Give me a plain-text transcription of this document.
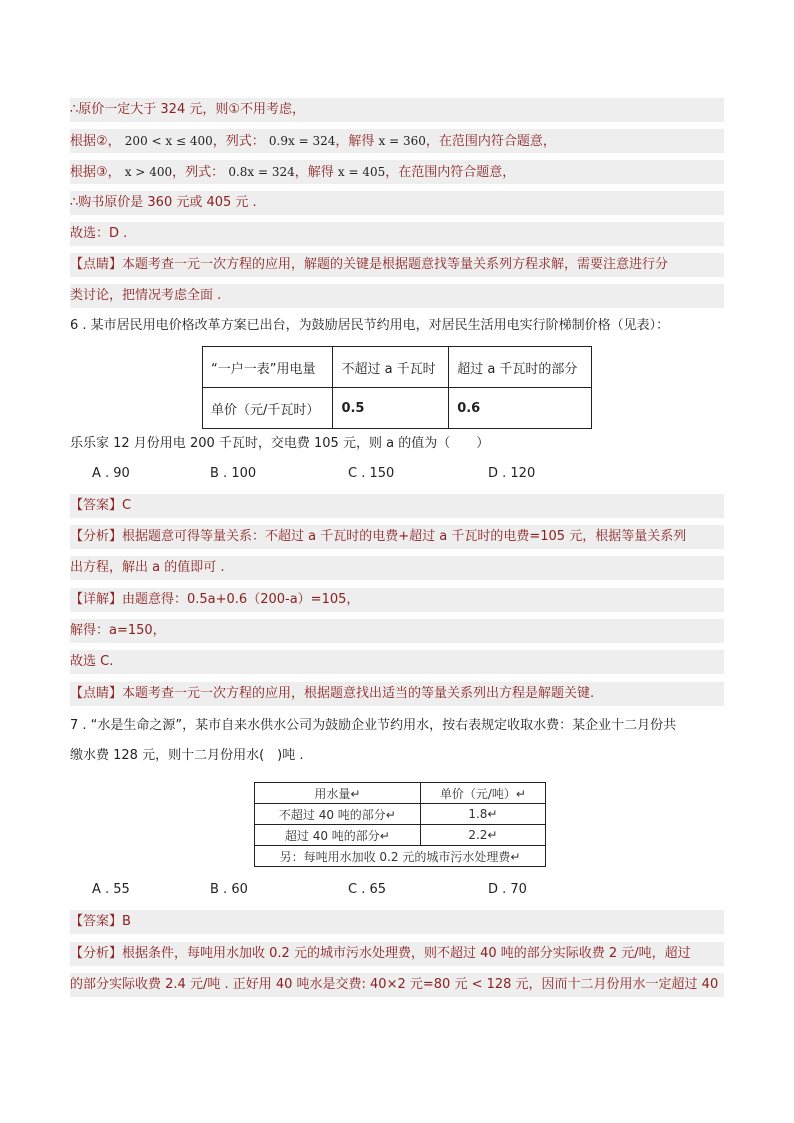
∴原价一定大于 324 元，则①不用考虑，
根据②， 200 < x ≤ 400，列式： 0.9x = 324，解得 x = 360，在范围内符合题意，
根据③， x > 400，列式： 0.8x = 324，解得 x = 405，在范围内符合题意，
∴购书原价是 360 元或 405 元 .
故选：D .
【点睛】本题考查一元一次方程的应用，解题的关键是根据题意找等量关系列方程求解，需要注意进行分
类讨论，把情况考虑全面 .
6 . 某市居民用电价格改革方案已出台，为鼓励居民节约用电，对居民生活用电实行阶梯制价格（见表）：
“一户一表”用电量	不超过 a 千瓦时	超过 a 千瓦时的部分
单价（元/千瓦时）	0.5	0.6
乐乐家 12 月份用电 200 千瓦时，交电费 105 元，则 a 的值为（　　）
A . 90	B . 100	C . 150	D . 120
【答案】C
【分析】根据题意可得等量关系：不超过 a 千瓦时的电费+超过 a 千瓦时的电费=105 元，根据等量关系列
出方程，解出 a 的值即可 .
【详解】由题意得：0.5a+0.6（200-a）=105，
解得：a=150，
故选 C.
【点睛】本题考查一元一次方程的应用，根据题意找出适当的等量关系列出方程是解题关键.
7 . “水是生命之源”，某市自来水供水公司为鼓励企业节约用水，按右表规定收取水费：某企业十二月份共
缴水费 128 元，则十二月份用水(　)吨 .
用水量↵	单价（元/吨）↵
不超过 40 吨的部分↵	1.8↵
超过 40 吨的部分↵	2.2↵
另：每吨用水加收 0.2 元的城市污水处理费↵	
A . 55	B . 60	C . 65	D . 70
【答案】B
【分析】根据条件，每吨用水加收 0.2 元的城市污水处理费，则不超过 40 吨的部分实际收费 2 元/吨，超过
的部分实际收费 2.4 元/吨 . 正好用 40 吨水是交费: 40×2 元=80 元 < 128 元，因而十二月份用水一定超过 40
